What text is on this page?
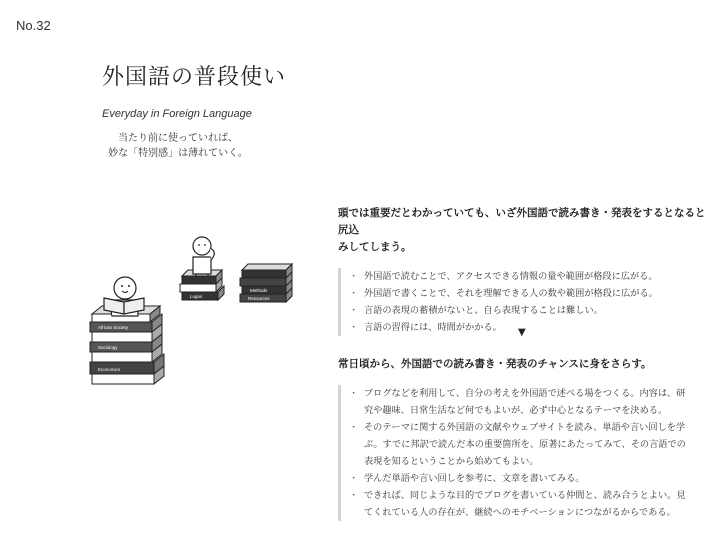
No.32
外国語の普段使い
Everyday in Foreign Language
当たり前に使っていれば、
妙な「特別感」は薄れていく。
African Society
Sociology
Economics
Logos
Methods
Resources
頭では重要だとわかっていても、いざ外国語で読み書き・発表をするとなると尻込
みしてしまう。
・ 外国語で読むことで、アクセスできる情報の量や範囲が格段に広がる。
・ 外国語で書くことで、それを理解できる人の数や範囲が格段に広がる。
・ 言語の表現の蓄積がないと、自ら表現することは難しい。
・ 言語の習得には、時間がかかる。	▼
常日頃から、外国語での読み書き・発表のチャンスに身をさらす。
・ ブログなどを利用して、自分の考えを外国語で述べる場をつくる。内容は、研
究や趣味、日常生活など何でもよいが、必ず中心となるテーマを決める。
・ そのテーマに関する外国語の文献やウェブサイトを読み、単語や言い回しを学
ぶ。すでに邦訳で読んだ本の重要箇所を、原著にあたってみて、その言語での
表現を知るということから始めてもよい。
・ 学んだ単語や言い回しを参考に、文章を書いてみる。
・ できれば、同じような目的でブログを書いている仲間と、読み合うとよい。見
てくれている人の存在が、継続へのモチベーションにつながるからである。
